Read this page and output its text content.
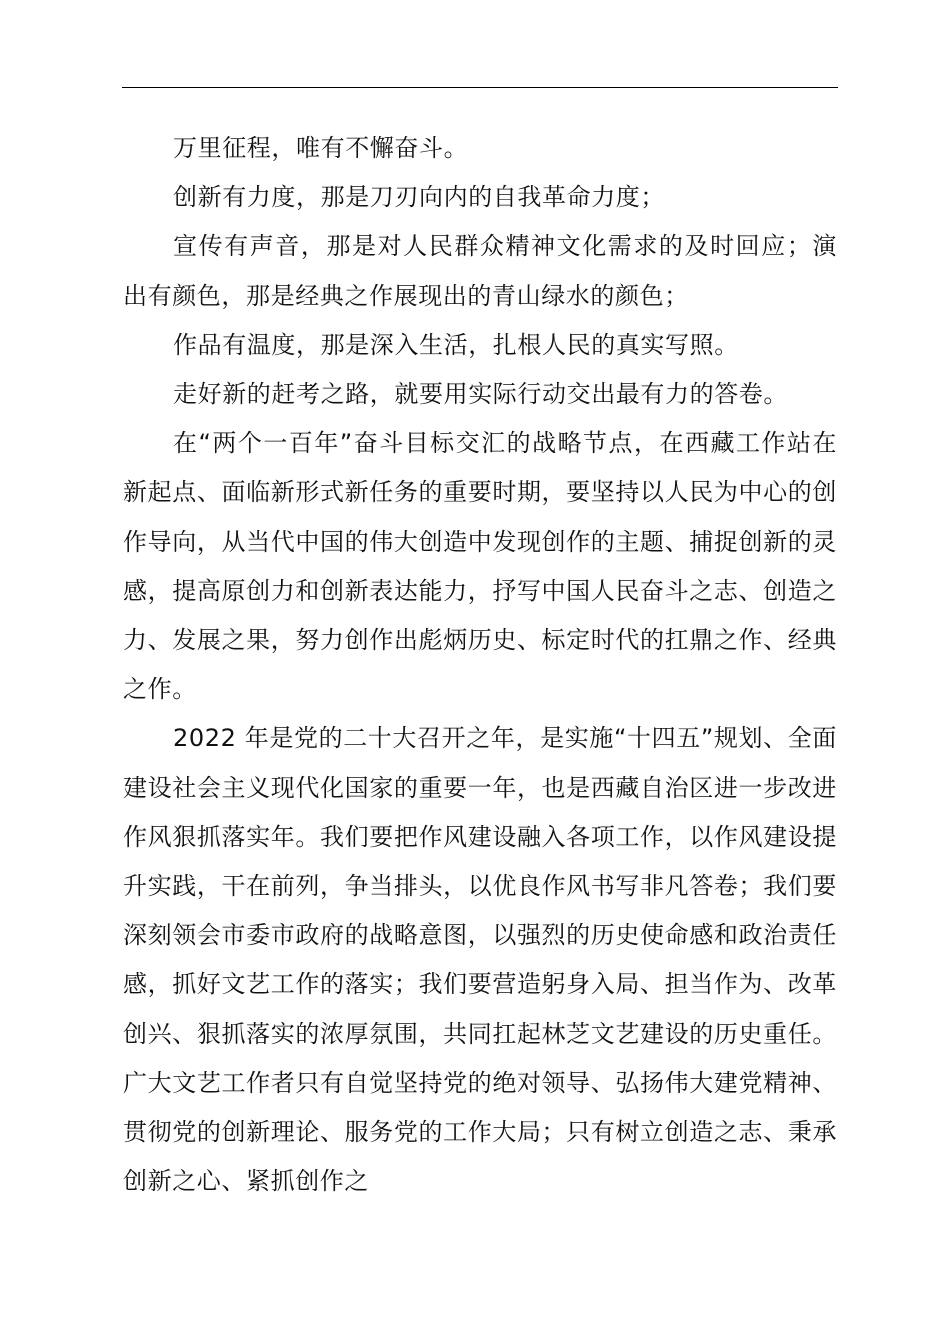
万里征程，唯有不懈奋斗。

创新有力度，那是刀刃向内的自我革命力度；

宣传有声音，那是对人民群众精神文化需求的及时回应；演出有颜色，那是经典之作展现出的青山绿水的颜色；

作品有温度，那是深入生活，扎根人民的真实写照。

走好新的赶考之路，就要用实际行动交出最有力的答卷。

在“两个一百年”奋斗目标交汇的战略节点，在西藏工作站在新起点、面临新形式新任务的重要时期，要坚持以人民为中心的创作导向，从当代中国的伟大创造中发现创作的主题、捕捉创新的灵感，提高原创力和创新表达能力，抒写中国人民奋斗之志、创造之力、发展之果，努力创作出彪炳历史、标定时代的扛鼎之作、经典之作。

2022 年是党的二十大召开之年，是实施“十四五”规划、全面建设社会主义现代化国家的重要一年，也是西藏自治区进一步改进作风狠抓落实年。我们要把作风建设融入各项工作，以作风建设提升实践，干在前列，争当排头，以优良作风书写非凡答卷；我们要深刻领会市委市政府的战略意图，以强烈的历史使命感和政治责任感，抓好文艺工作的落实；我们要营造躬身入局、担当作为、改革创兴、狠抓落实的浓厚氛围，共同扛起林芝文艺建设的历史重任。广大文艺工作者只有自觉坚持党的绝对领导、弘扬伟大建党精神、贯彻党的创新理论、服务党的工作大局；只有树立创造之志、秉承创新之心、紧抓创作之
